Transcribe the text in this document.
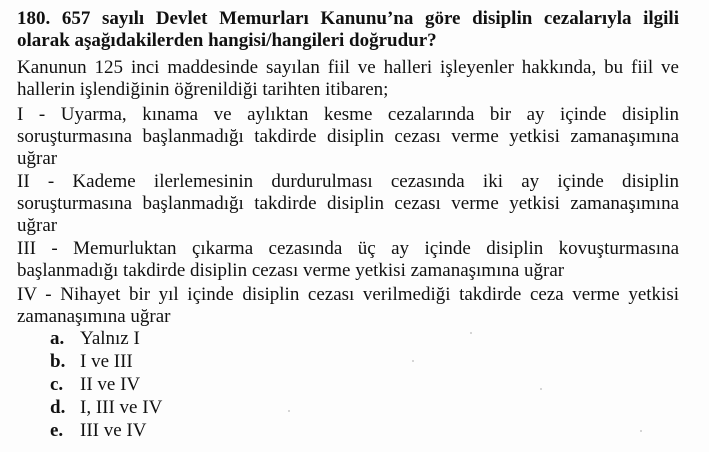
180. 657 sayılı Devlet Memurları Kanunu’na göre disiplin cezalarıyla ilgili
olarak aşağıdakilerden hangisi/hangileri doğrudur?
Kanunun 125 inci maddesinde sayılan fiil ve halleri işleyenler hakkında, bu fiil ve
hallerin işlendiğinin öğrenildiği tarihten itibaren;
I - Uyarma, kınama ve aylıktan kesme cezalarında bir ay içinde disiplin
soruşturmasına başlanmadığı takdirde disiplin cezası verme yetkisi zamanaşımına
uğrar
II - Kademe ilerlemesinin durdurulması cezasında iki ay içinde disiplin
soruşturmasına başlanmadığı takdirde disiplin cezası verme yetkisi zamanaşımına
uğrar
III - Memurluktan çıkarma cezasında üç ay içinde disiplin kovuşturmasına
başlanmadığı takdirde disiplin cezası verme yetkisi zamanaşımına uğrar
IV - Nihayet bir yıl içinde disiplin cezası verilmediği takdirde ceza verme yetkisi
zamanaşımına uğrar
a. Yalnız I
b. I ve III
c. II ve IV
d. I, III ve IV
e. III ve IV
